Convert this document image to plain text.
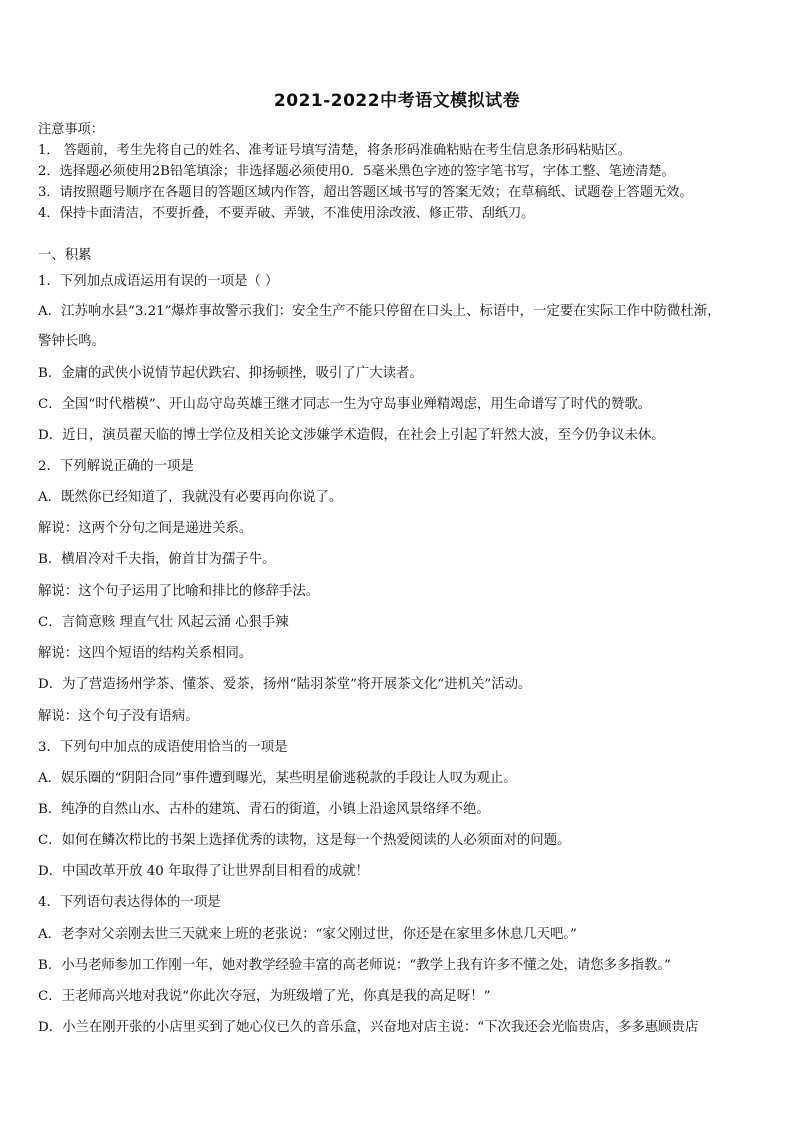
2021-2022中考语文模拟试卷
注意事项：
1． 答题前，考生先将自己的姓名、准考证号填写清楚，将条形码准确粘贴在考生信息条形码粘贴区。
2．选择题必须使用2B铅笔填涂；非选择题必须使用0．5毫米黑色字迹的签字笔书写，字体工整、笔迹清楚。
3．请按照题号顺序在各题目的答题区域内作答，超出答题区域书写的答案无效；在草稿纸、试题卷上答题无效。
4．保持卡面清洁，不要折叠，不要弄破、弄皱，不准使用涂改液、修正带、刮纸刀。
一、积累
1．下列加点成语运用有误的一项是（ ）
A．江苏响水县“3.21”爆炸事故警示我们：安全生产不能只停留在口头上、标语中，一定要在实际工作中防微杜渐，
警钟长鸣。
B．金庸的武侠小说情节起伏跌宕、抑扬顿挫，吸引了广大读者。
C．全国“时代楷模”、开山岛守岛英雄王继才同志一生为守岛事业殚精竭虑，用生命谱写了时代的赞歌。
D．近日，演员翟天临的博士学位及相关论文涉嫌学术造假，在社会上引起了轩然大波，至今仍争议未休。
2．下列解说正确的一项是
A．既然你已经知道了，我就没有必要再向你说了。
解说：这两个分句之间是递进关系。
B．横眉冷对千夫指，俯首甘为孺子牛。
解说：这个句子运用了比喻和排比的修辞手法。
C．言简意赅 理直气壮 风起云涌 心狠手辣
解说：这四个短语的结构关系相同。
D．为了营造扬州学茶、懂茶、爱茶，扬州“陆羽茶堂”将开展茶文化“进机关”活动。
解说：这个句子没有语病。
3．下列句中加点的成语使用恰当的一项是
A．娱乐圈的“阴阳合同”事件遭到曝光，某些明星偷逃税款的手段让人叹为观止。
B．纯净的自然山水、古朴的建筑、青石的街道，小镇上沿途风景络绎不绝。
C．如何在鳞次栉比的书架上选择优秀的读物，这是每一个热爱阅读的人必须面对的问题。
D．中国改革开放 40 年取得了让世界刮目相看的成就！
4．下列语句表达得体的一项是
A．老李对父亲刚去世三天就来上班的老张说：“家父刚过世，你还是在家里多休息几天吧。”
B．小马老师参加工作刚一年，她对教学经验丰富的高老师说：“教学上我有许多不懂之处，请您多多指教。”
C．王老师高兴地对我说“你此次夺冠，为班级增了光，你真是我的高足呀！”
D．小兰在刚开张的小店里买到了她心仪已久的音乐盒，兴奋地对店主说：“下次我还会光临贵店，多多惠顾贵店
